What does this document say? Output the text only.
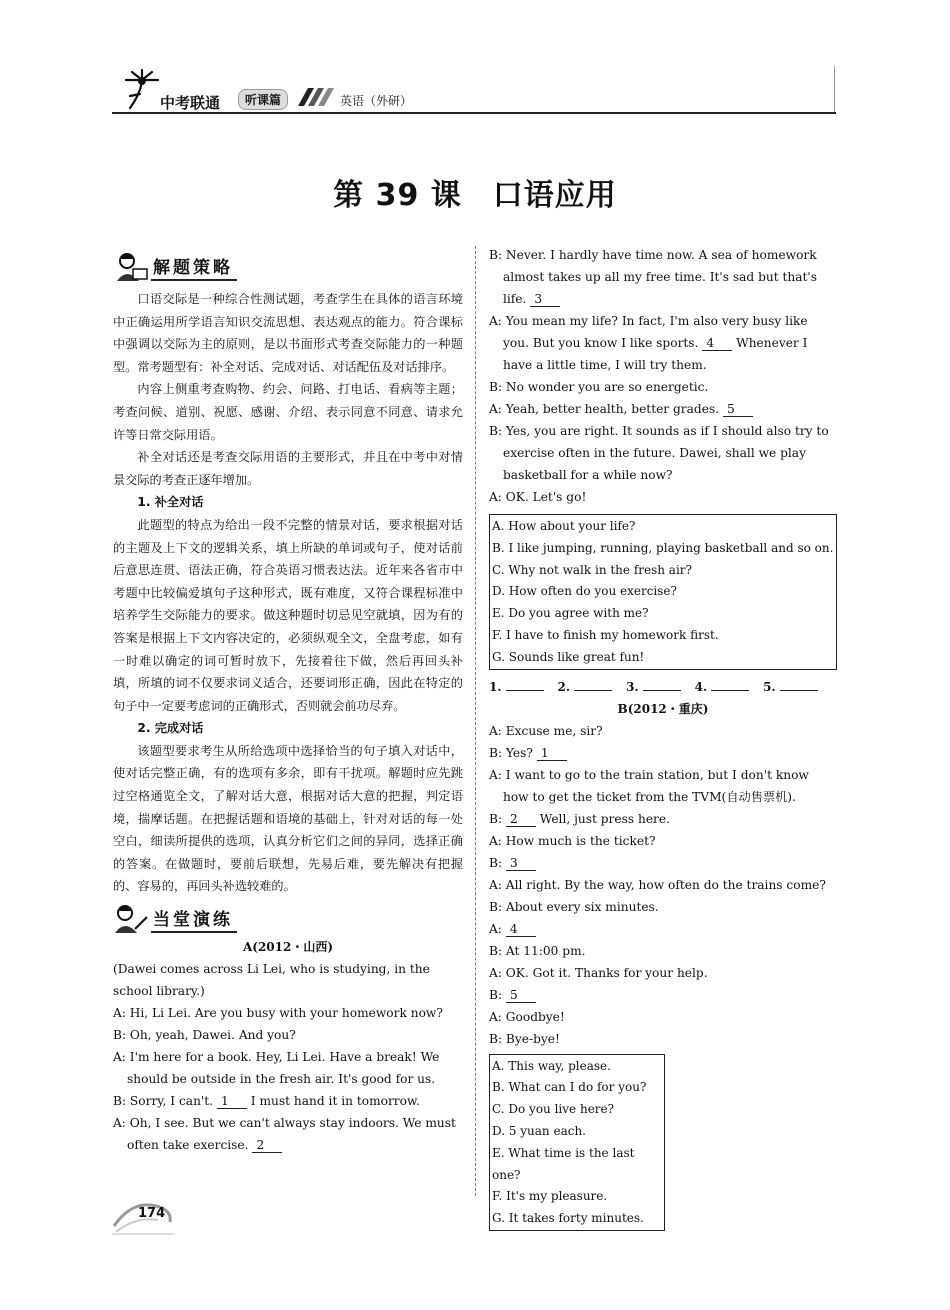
中考联通	听课篇	英语（外研）
第 39 课　口语应用
解题策略

口语交际是一种综合性测试题，考查学生在具体的语言环境中正确运用所学语言知识交流思想、表达观点的能力。符合课标中强调以交际为主的原则，是以书面形式考查交际能力的一种题型。常考题型有：补全对话、完成对话、对话配伍及对话排序。

内容上侧重考查购物、约会、问路、打电话、看病等主题；考查问候、道别、祝愿、感谢、介绍、表示同意不同意、请求允许等日常交际用语。

补全对话还是考查交际用语的主要形式，并且在中考中对情景交际的考查正逐年增加。

1. 补全对话

此题型的特点为给出一段不完整的情景对话，要求根据对话的主题及上下文的逻辑关系，填上所缺的单词或句子，使对话前后意思连贯、语法正确，符合英语习惯表达法。近年来各省市中考题中比较偏爱填句子这种形式，既有难度，又符合课程标准中培养学生交际能力的要求。做这种题时切忌见空就填，因为有的答案是根据上下文内容决定的，必须纵观全文，全盘考虑，如有一时难以确定的词可暂时放下，先接着往下做，然后再回头补填，所填的词不仅要求词义适合，还要词形正确，因此在特定的句子中一定要考虑词的正确形式，否则就会前功尽弃。

2. 完成对话

该题型要求考生从所给选项中选择恰当的句子填入对话中，使对话完整正确，有的选项有多余，即有干扰项。解题时应先跳过空格通览全文，了解对话大意，根据对话大意的把握，判定语境，揣摩话题。在把握话题和语境的基础上，针对对话的每一处空白，细读所提供的选项，认真分析它们之间的异同，选择正确的答案。在做题时，要前后联想，先易后难，要先解决有把握的、容易的，再回头补选较难的。

当堂演练

A(2012・山西)

(Dawei comes across Li Lei, who is studying, in the school library.)

A: Hi, Li Lei. Are you busy with your homework now?

B: Oh, yeah, Dawei. And you?

A: I'm here for a book. Hey, Li Lei. Have a break! We should be outside in the fresh air. It's good for us.

B: Sorry, I can't. 1 I must hand it in tomorrow.

A: Oh, I see. But we can't always stay indoors. We must often take exercise. 2

B: Never. I hardly have time now. A sea of homework almost takes up all my free time. It's sad but that's life. 3

A: You mean my life? In fact, I'm also very busy like you. But you know I like sports. 4 Whenever I have a little time, I will try them.

B: No wonder you are so energetic.

A: Yeah, better health, better grades. 5

B: Yes, you are right. It sounds as if I should also try to exercise often in the future. Dawei, shall we play basketball for a while now?

A: OK. Let's go!

A. How about your life?
B. I like jumping, running, playing basketball and so on.
C. Why not walk in the fresh air?
D. How often do you exercise?
E. Do you agree with me?
F. I have to finish my homework first.
G. Sounds like great fun!
1.	2.	3.	4.	5.

B(2012・重庆)

A: Excuse me, sir?

B: Yes? 1

A: I want to go to the train station, but I don't know how to get the ticket from the TVM(自动售票机).

B: 2 Well, just press here.

A: How much is the ticket?

B: 3

A: All right. By the way, how often do the trains come?

B: About every six minutes.

A: 4

B: At 11:00 pm.

A: OK. Got it. Thanks for your help.

B: 5

A: Goodbye!

B: Bye-bye!

A. This way, please.
B. What can I do for you?
C. Do you live here?
D. 5 yuan each.
E. What time is the last one?
F. It's my pleasure.
G. It takes forty minutes.
174
